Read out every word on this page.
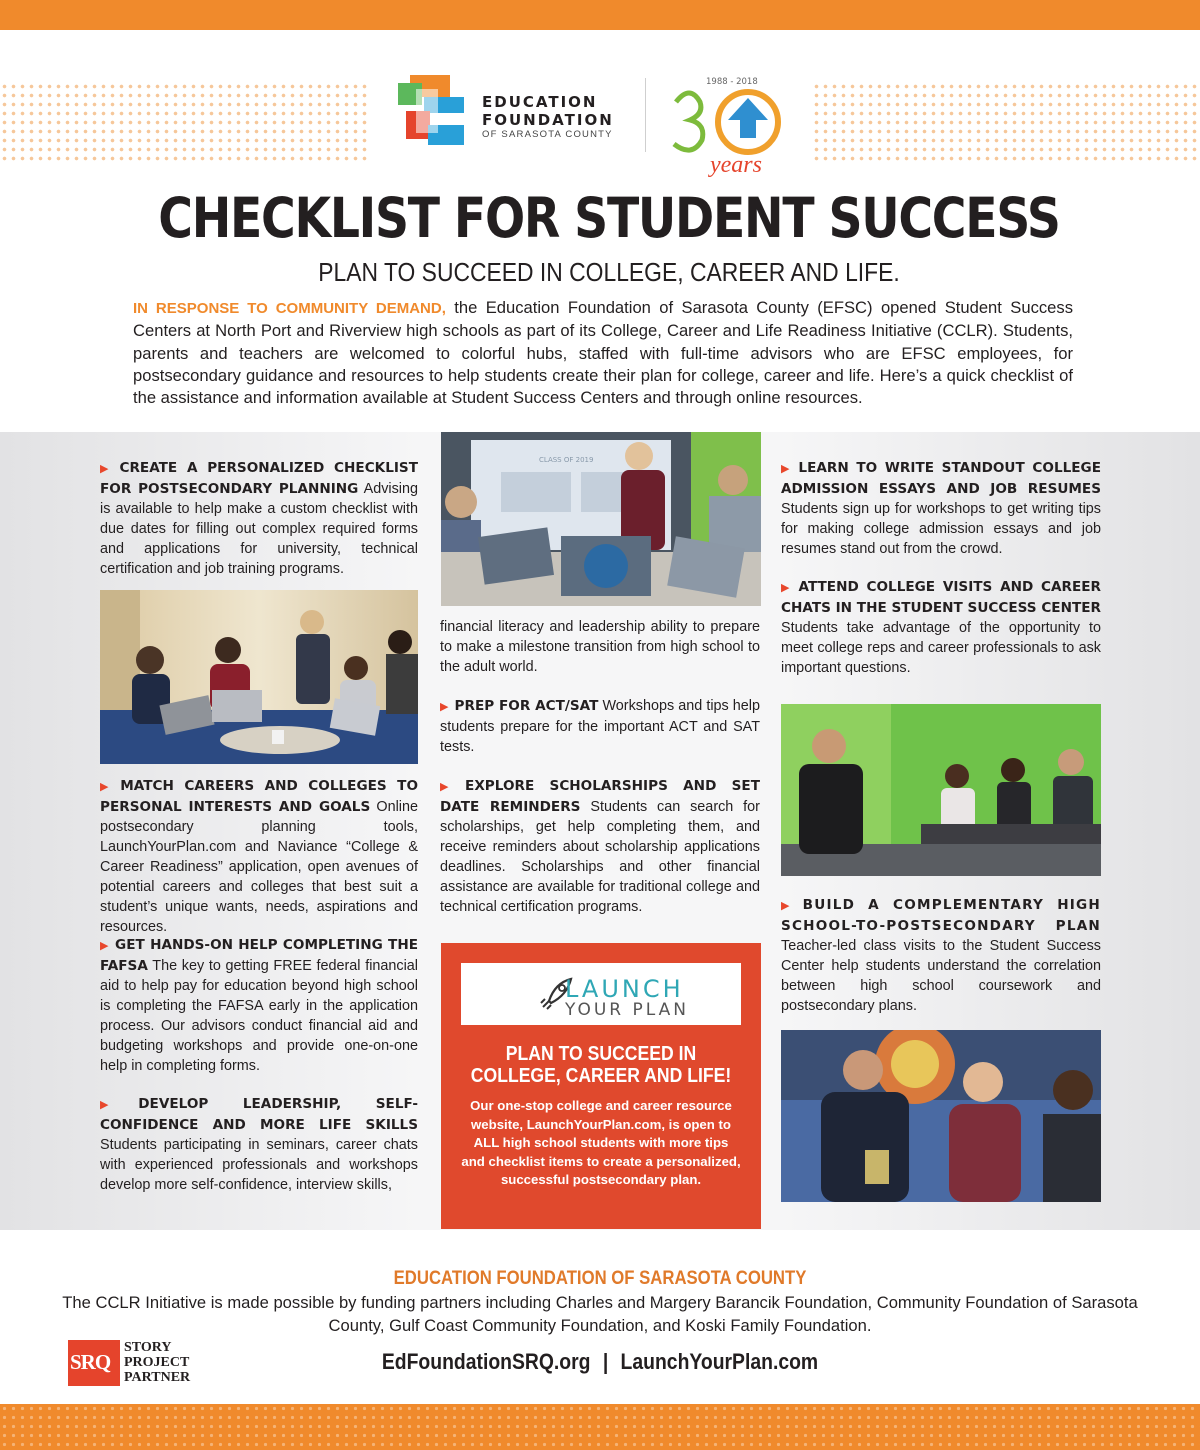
EDUCATION
FOUNDATION
OF SARASOTA COUNTY
1988 - 2018
years
CHECKLIST FOR STUDENT SUCCESS
PLAN TO SUCCEED IN COLLEGE, CAREER AND LIFE.

IN RESPONSE TO COMMUNITY DEMAND, the Education Foundation of Sarasota County (EFSC) opened Student Success Centers at North Port and Riverview high schools as part of its College, Career and Life Readiness Initiative (CCLR). Students, parents and teachers are welcomed to colorful hubs, staffed with full-time advisors who are EFSC employees, for postsecondary guidance and resources to help students create their plan for college, career and life. Here’s a quick checklist of the assistance and information available at Student Success Centers and through online resources.

▶ CREATE A PERSONALIZED CHECKLIST FOR POSTSECONDARY PLANNING Advising is available to help make a custom checklist with due dates for filling out complex required forms and applications for university, technical certification and job training programs.
▶ MATCH CAREERS AND COLLEGES TO PERSONAL INTERESTS AND GOALS Online postsecondary planning tools, LaunchYourPlan.com and Naviance “College & Career Readiness” application, open avenues of potential careers and colleges that best suit a student’s unique wants, needs, aspirations and resources.
▶ GET HANDS-ON HELP COMPLETING THE FAFSA The key to getting FREE federal financial aid to help pay for education beyond high school is completing the FAFSA early in the application process. Our advisors conduct financial aid and budgeting workshops and provide one-on-one help in completing forms.
▶DEVELOP LEADERSHIP, SELF-CONFIDENCE AND MORE LIFE SKILLS Students participating in seminars, career chats with experienced professionals and workshops develop more self-confidence, interview skills,
CLASS OF 2019
financial literacy and leadership ability to prepare to make a milestone transition from high school to the adult world.
▶ PREP FOR ACT/SAT Workshops and tips help students prepare for the important ACT and SAT tests.
▶ EXPLORE SCHOLARSHIPS AND SET DATE REMINDERS Students can search for scholarships, get help completing them, and receive reminders about scholarship applications deadlines. Scholarships and other financial assistance are available for traditional college and technical certification programs.
LAUNCH
YOUR PLAN
PLAN TO SUCCEED IN
COLLEGE, CAREER AND LIFE!
Our one-stop college and career resource website, LaunchYourPlan.com, is open to ALL high school students with more tips and checklist items to create a personalized, successful postsecondary plan.
▶ LEARN TO WRITE STANDOUT COLLEGE ADMISSION ESSAYS AND JOB RESUMES Students sign up for workshops to get writing tips for making college admission essays and job resumes stand out from the crowd.
▶ ATTEND COLLEGE VISITS AND CAREER CHATS IN THE STUDENT SUCCESS CENTER Students take advantage of the opportunity to meet college reps and career professionals to ask important questions.
▶ BUILD A COMPLEMENTARY HIGH SCHOOL-TO-POSTSECONDARY PLAN Teacher-led class visits to the Student Success Center help students understand the correlation between high school coursework and postsecondary plans.
EDUCATION FOUNDATION OF SARASOTA COUNTY
The CCLR Initiative is made possible by funding partners including Charles and Margery Barancik Foundation, Community Foundation of Sarasota County, Gulf Coast Community Foundation, and Koski Family Foundation.
SRQ
STORY
PROJECT
PARTNER
EdFoundationSRQ.org | LaunchYourPlan.com
